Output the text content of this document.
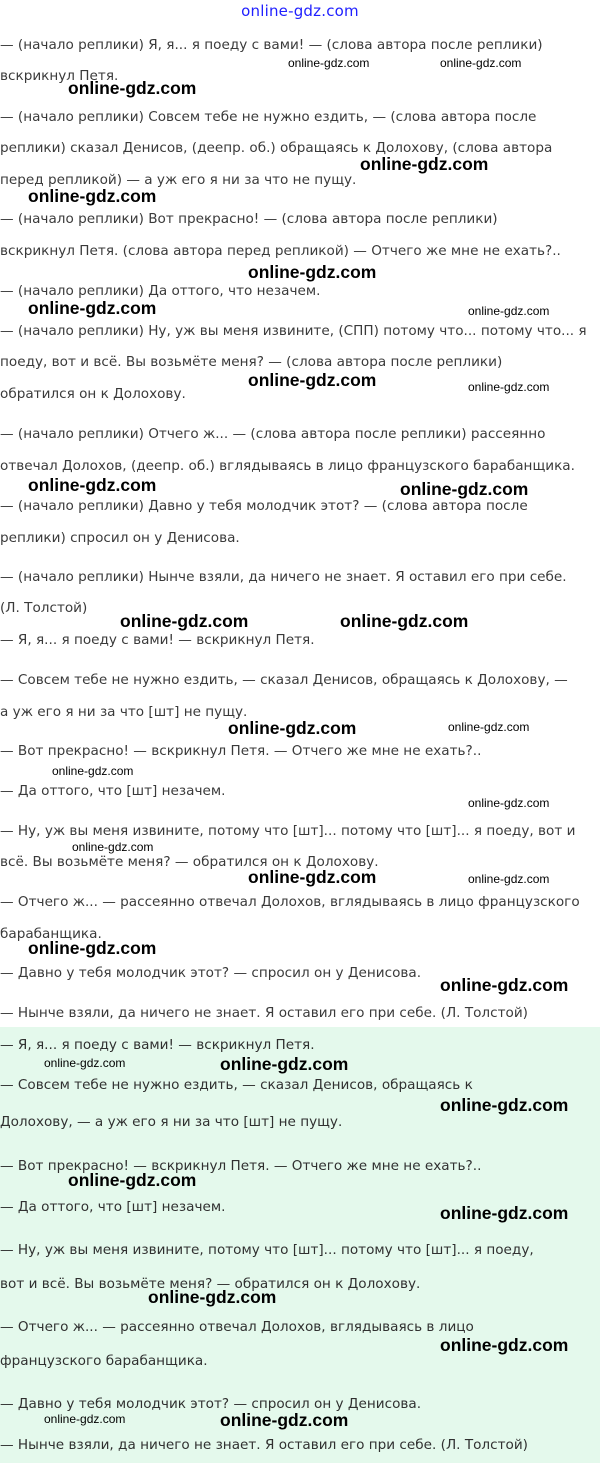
online-gdz.com
— (начало реплики) Я, я... я поеду с вами! — (слова автора после реплики)
вскрикнул Петя.
— (начало реплики) Совсем тебе не нужно ездить, — (слова автора после
реплики) сказал Денисов, (деепр. об.) обращаясь к Долохову, (слова автора
перед репликой) — а уж его я ни за что не пущу.
— (начало реплики) Вот прекрасно! — (слова автора после реплики)
вскрикнул Петя. (слова автора перед репликой) — Отчего же мне не ехать?..
— (начало реплики) Да оттого, что незачем.
— (начало реплики) Ну, уж вы меня извините, (СПП) потому что... потому что... я
поеду, вот и всё. Вы возьмёте меня? — (слова автора после реплики)
обратился он к Долохову.
— (начало реплики) Отчего ж... — (слова автора после реплики) рассеянно
отвечал Долохов, (деепр. об.) вглядываясь в лицо французского барабанщика.
— (начало реплики) Давно у тебя молодчик этот? — (слова автора после
реплики) спросил он у Денисова.
— (начало реплики) Нынче взяли, да ничего не знает. Я оставил его при себе.
(Л. Толстой)
— Я, я... я поеду с вами! — вскрикнул Петя.
— Совсем тебе не нужно ездить, — сказал Денисов, обращаясь к Долохову, —
а уж его я ни за что [шт] не пущу.
— Вот прекрасно! — вскрикнул Петя. — Отчего же мне не ехать?..
— Да оттого, что [шт] незачем.
— Ну, уж вы меня извините, потому что [шт]... потому что [шт]... я поеду, вот и
всё. Вы возьмёте меня? — обратился он к Долохову.
— Отчего ж... — рассеянно отвечал Долохов, вглядываясь в лицо французского
барабанщика.
— Давно у тебя молодчик этот? — спросил он у Денисова.
— Нынче взяли, да ничего не знает. Я оставил его при себе. (Л. Толстой)
— Я, я... я поеду с вами! — вскрикнул Петя.
— Совсем тебе не нужно ездить, — сказал Денисов, обращаясь к
Долохову, — а уж его я ни за что [шт] не пущу.
— Вот прекрасно! — вскрикнул Петя. — Отчего же мне не ехать?..
— Да оттого, что [шт] незачем.
— Ну, уж вы меня извините, потому что [шт]... потому что [шт]... я поеду,
вот и всё. Вы возьмёте меня? — обратился он к Долохову.
— Отчего ж... — рассеянно отвечал Долохов, вглядываясь в лицо
французского барабанщика.
— Давно у тебя молодчик этот? — спросил он у Денисова.
— Нынче взяли, да ничего не знает. Я оставил его при себе. (Л. Толстой)
online-gdz.com	online-gdz.com
online-gdz.com
online-gdz.com
online-gdz.com
online-gdz.com
online-gdz.com	online-gdz.com
online-gdz.com	online-gdz.com
online-gdz.com	online-gdz.com
online-gdz.com	online-gdz.com
online-gdz.com	online-gdz.com
online-gdz.com
online-gdz.com
online-gdz.com
online-gdz.com	online-gdz.com
online-gdz.com
online-gdz.com
online-gdz.com	online-gdz.com
online-gdz.com
online-gdz.com
online-gdz.com
online-gdz.com
online-gdz.com
online-gdz.com	online-gdz.com
